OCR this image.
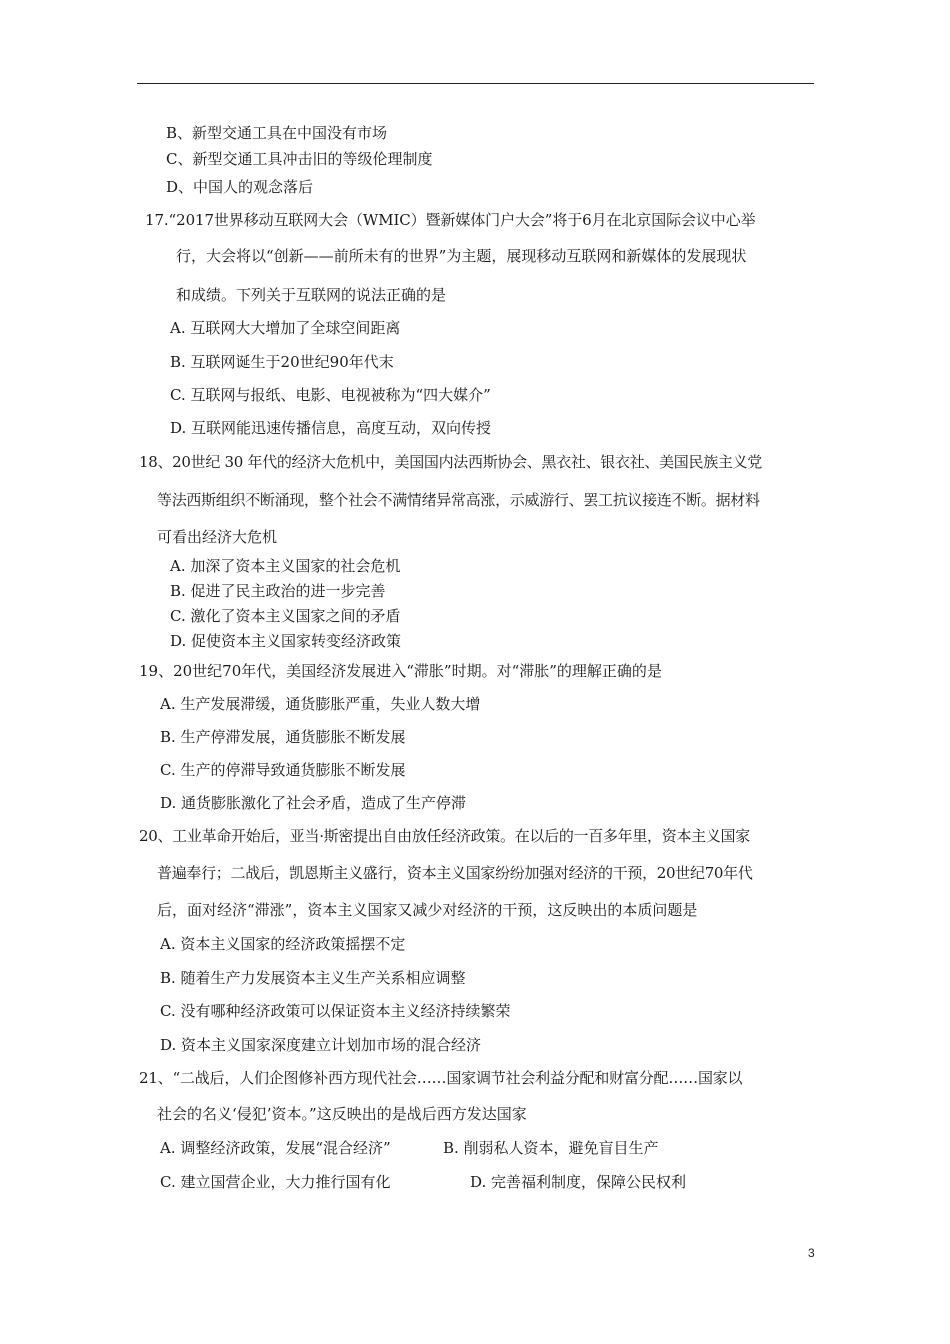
B、新型交通工具在中国没有市场
C、新型交通工具冲击旧的等级伦理制度
D、中国人的观念落后
17.“2017世界移动互联网大会（WMIC）暨新媒体门户大会”将于6月在北京国际会议中心举
行，大会将以“创新——前所未有的世界”为主题，展现移动互联网和新媒体的发展现状
和成绩。下列关于互联网的说法正确的是
A. 互联网大大增加了全球空间距离
B. 互联网诞生于20世纪90年代末
C. 互联网与报纸、电影、电视被称为“四大媒介”
D. 互联网能迅速传播信息，高度互动，双向传授
18、20世纪 30 年代的经济大危机中，美国国内法西斯协会、黑衣社、银衣社、美国民族主义党
等法西斯组织不断涌现，整个社会不满情绪异常高涨，示威游行、罢工抗议接连不断。据材料
可看出经济大危机
A. 加深了资本主义国家的社会危机
B. 促进了民主政治的进一步完善
C. 激化了资本主义国家之间的矛盾
D. 促使资本主义国家转变经济政策
19、20世纪70年代，美国经济发展进入“滞胀”时期。对“滞胀”的理解正确的是
A. 生产发展滞缓，通货膨胀严重，失业人数大增
B. 生产停滞发展，通货膨胀不断发展
C. 生产的停滞导致通货膨胀不断发展
D. 通货膨胀激化了社会矛盾，造成了生产停滞
20、工业革命开始后，亚当·斯密提出自由放任经济政策。在以后的一百多年里，资本主义国家
普遍奉行；二战后，凯恩斯主义盛行，资本主义国家纷纷加强对经济的干预，20世纪70年代
后，面对经济“滞涨”，资本主义国家又减少对经济的干预，这反映出的本质问题是
A. 资本主义国家的经济政策摇摆不定
B. 随着生产力发展资本主义生产关系相应调整
C. 没有哪种经济政策可以保证资本主义经济持续繁荣
D. 资本主义国家深度建立计划加市场的混合经济
21、“二战后，人们企图修补西方现代社会……国家调节社会利益分配和财富分配……国家以
社会的名义‘侵犯’资本。”这反映出的是战后西方发达国家
A. 调整经济政策，发展“混合经济”	B. 削弱私人资本，避免盲目生产
C. 建立国营企业，大力推行国有化	D. 完善福利制度，保障公民权利
3
